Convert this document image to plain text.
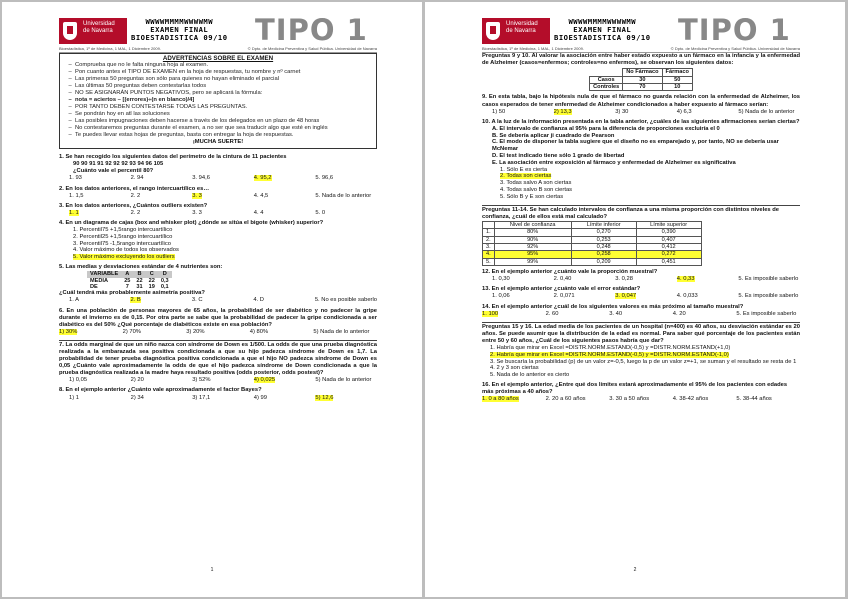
Universidad
de Navarra
WWWWMMMMWWWWMW
EXAMEN FINAL
BIOESTADISTICA 09/10 TIPO 1
Bioestadística, 1º de Medicina, 1 MAL, 1 Diciembre 2009.	© Dpto. de Medicina Preventiva y Salud Pública. Universidad de Navarra
ADVERTENCIAS SOBRE EL EXAMEN
– Comprueba que no le falta ninguna hoja al examen.
– Pon cuanto antes el TIPO DE EXAMEN en la hoja de respuestas, tu nombre y nº carnet
– Las primeras 50 preguntas son sólo para quienes no hayan eliminado el parcial
– Las últimas 50 preguntas deben contestarlas todos
– NO SE ASIGNARÁN PUNTOS NEGATIVOS, pero se aplicará la fórmula:
– nota = aciertos – [(errores)÷(n en blanco)/4]
– POR TANTO DEBEN CONTESTARSE TODAS LAS PREGUNTAS.
– Se pondrán hoy en atl las soluciones
– Las posibles impugnaciones deben hacerse a través de los delegados en un plazo de 48 horas
– No contestaremos preguntas durante el examen, a no ser que sea traducir algo que esté en inglés
– Te puedes llevar estas hojas de preguntas, basta con entregar la hoja de respuestas.
¡MUCHA SUERTE!
1. Se han recogido los siguientes datos del perímetro de la cintura de 11 pacientes
90 90 91 91 92 92 92 93 94 96 105
¿Cuánto vale el percentil 80?
1. 93	2. 94	3. 94,6	4. 95,2	5. 96,6
2. En los datos anteriores, el rango intercuartílico es…
1. 1,5	2. 2	3. 3	4. 4,5	5. Nada de lo anterior
3. En los datos anteriores, ¿Cuántos outliers existen?
1. 1	2. 2	3. 3	4. 4	5. 0
4. En un diagrama de cajas (box and whisker plot) ¿dónde se sitúa el bigote (whisker) superior?
1. Percentil75 +1,5rango intercuartílico
2. Percentil25 +1,5rango intercuartílico
3. Percentil75 -1,5rango intercuartílico
4. Valor máximo de todos los observados
5. Valor máximo excluyendo los outliers
5. Las medias y desviaciones estándar de 4 nutrientes son:
VARIABLE	A	B	C	D
MEDIA	25	22	22	0,3
DE	7	31	19	0,1
¿Cuál tendrá más probablemente asimetría positiva?
1. A	2. B	3. C	4. D	5. No es posible saberlo
6. En una población de personas mayores de 65 años, la probabilidad de ser diabético y no padecer la gripe durante el invierno es de 0,15. Por otra parte se sabe que la probabilidad de padecer la gripe condicionada a ser diabético es del 50% ¿Qué porcentaje de diabéticos existe en esa población?
1) 30%	2) 70%	3) 20%	4) 80%	5) Nada de lo anterior
7. La odds marginal de que un niño nazca con síndrome de Down es 1/500. La odds de que una prueba diagnóstica realizada a la embarazada sea positiva condicionada a que su hijo padezca síndrome de Down es 1,7. La probabilidad de tener prueba diagnóstica positiva condicionada a que el hijo NO padezca síndrome de Down es 0,05 ¿Cuánto vale aproximadamente la odds de que el hijo padezca síndrome de Down condicionada a que la prueba diagnóstica realizada a la madre haya resultado positiva (odds posterior, odds postest)?
1) 0,05	2) 20	3) 52%	4) 0,025	5) Nada de lo anterior
8. En el ejemplo anterior ¿Cuánto vale aproximadamente el factor Bayes?
1) 1	2) 34	3) 17,1	4) 99	5) 12,6
1
Universidad
de Navarra
WWWWMMMMWWWWMW
EXAMEN FINAL
BIOESTADISTICA 09/10 TIPO 1
Bioestadística, 1º de Medicina, 1 MAL, 1 Diciembre 2009.	© Dpto. de Medicina Preventiva y Salud Pública. Universidad de Navarra
Preguntas 9 y 10. Al valorar la asociación entre haber estado expuesto a un fármaco en la infancia y la enfermedad de Alzheimer (casos=enfermos; controles=no enfermos), se observan los siguientes datos:
	No Fármaco	Fármaco
Casos	30	50
Controles	70	10
9. En esta tabla, bajo la hipótesis nula de que el fármaco no guarda relación con la enfermedad de Alzheimer, los casos esperados de tener enfermedad de Alzheimer condicionados a haber expuesto al fármaco serían:
1) 50	2) 13,3	3) 30	4) 6,3	5) Nada de lo anterior
10. A la luz de la información presentada en la tabla anterior, ¿cuáles de las siguientes afirmaciones serían ciertas?
A. El intervalo de confianza al 95% para la diferencia de proporciones excluiría el 0
B. Se debería aplicar ji cuadrado de Pearson
C. El modo de disponer la tabla sugiere que el diseño no es emparejado y, por tanto, NO se debería usar McNemar
D. El test indicado tiene sólo 1 grado de libertad
E. La asociación entre exposición al fármaco y enfermedad de Alzheimer es significativa
1. Sólo E es cierta
2. Todas son ciertas
3. Todas salvo A son ciertas
4. Todas salvo B son ciertas
5. Sólo B y E son ciertas
Preguntas 11-14. Se han calculado intervalos de confianza a una misma proporción con distintos niveles de confianza, ¿cuál de ellos está mal calculado?
	Nivel de confianza	Límite inferior	Límite superior
1.	80%	0,270	0,390
2.	90%	0,253	0,407
3.	92%	0,248	0,412
4.	95%	0,258	0,272
5.	99%	0,209	0,451
12. En el ejemplo anterior ¿cuánto vale la proporción muestral?
1. 0,30	2. 0,40	3. 0,28	4. 0,33	5. Es imposible saberlo
13. En el ejemplo anterior ¿cuánto vale el error estándar?
1. 0,06	2. 0,071	3. 0,047	4. 0,033	5. Es imposible saberlo
14. En el ejemplo anterior ¿cuál de los siguientes valores es más próximo al tamaño muestral?
1. 100	2. 60	3. 40	4. 20	5. Es imposible saberlo
Preguntas 15 y 16. La edad media de los pacientes de un hospital (n=400) es 40 años, su desviación estándar es 20 años. Se puede asumir que la distribución de la edad es normal. Para saber qué porcentaje de los pacientes están entre 50 y 60 años, ¿Cuál de los siguientes pasos habría que dar?
1. Habría que mirar en Excel =DISTR.NORM.ESTAND(-0,5) y =DISTR.NORM.ESTAND(+1,0)
2. Habría que mirar en Excel =DISTR.NORM.ESTAND(-0,5) y =DISTR.NORM.ESTAND(-1,0)
3. Se buscaría la probabilidad (p) de un valor z=-0,5, luego la p de un valor z=+1, se suman y el resultado se resta de 1
4. 2 y 3 son ciertas
5. Nada de lo anterior es cierto
16. En el ejemplo anterior, ¿Entre qué dos límites estará aproximadamente el 95% de los pacientes con edades más próximas a 40 años?
1. 0 a 80 años	2. 20 a 60 años	3. 30 a 50 años	4. 38-42 años	5. 38-44 años
2
